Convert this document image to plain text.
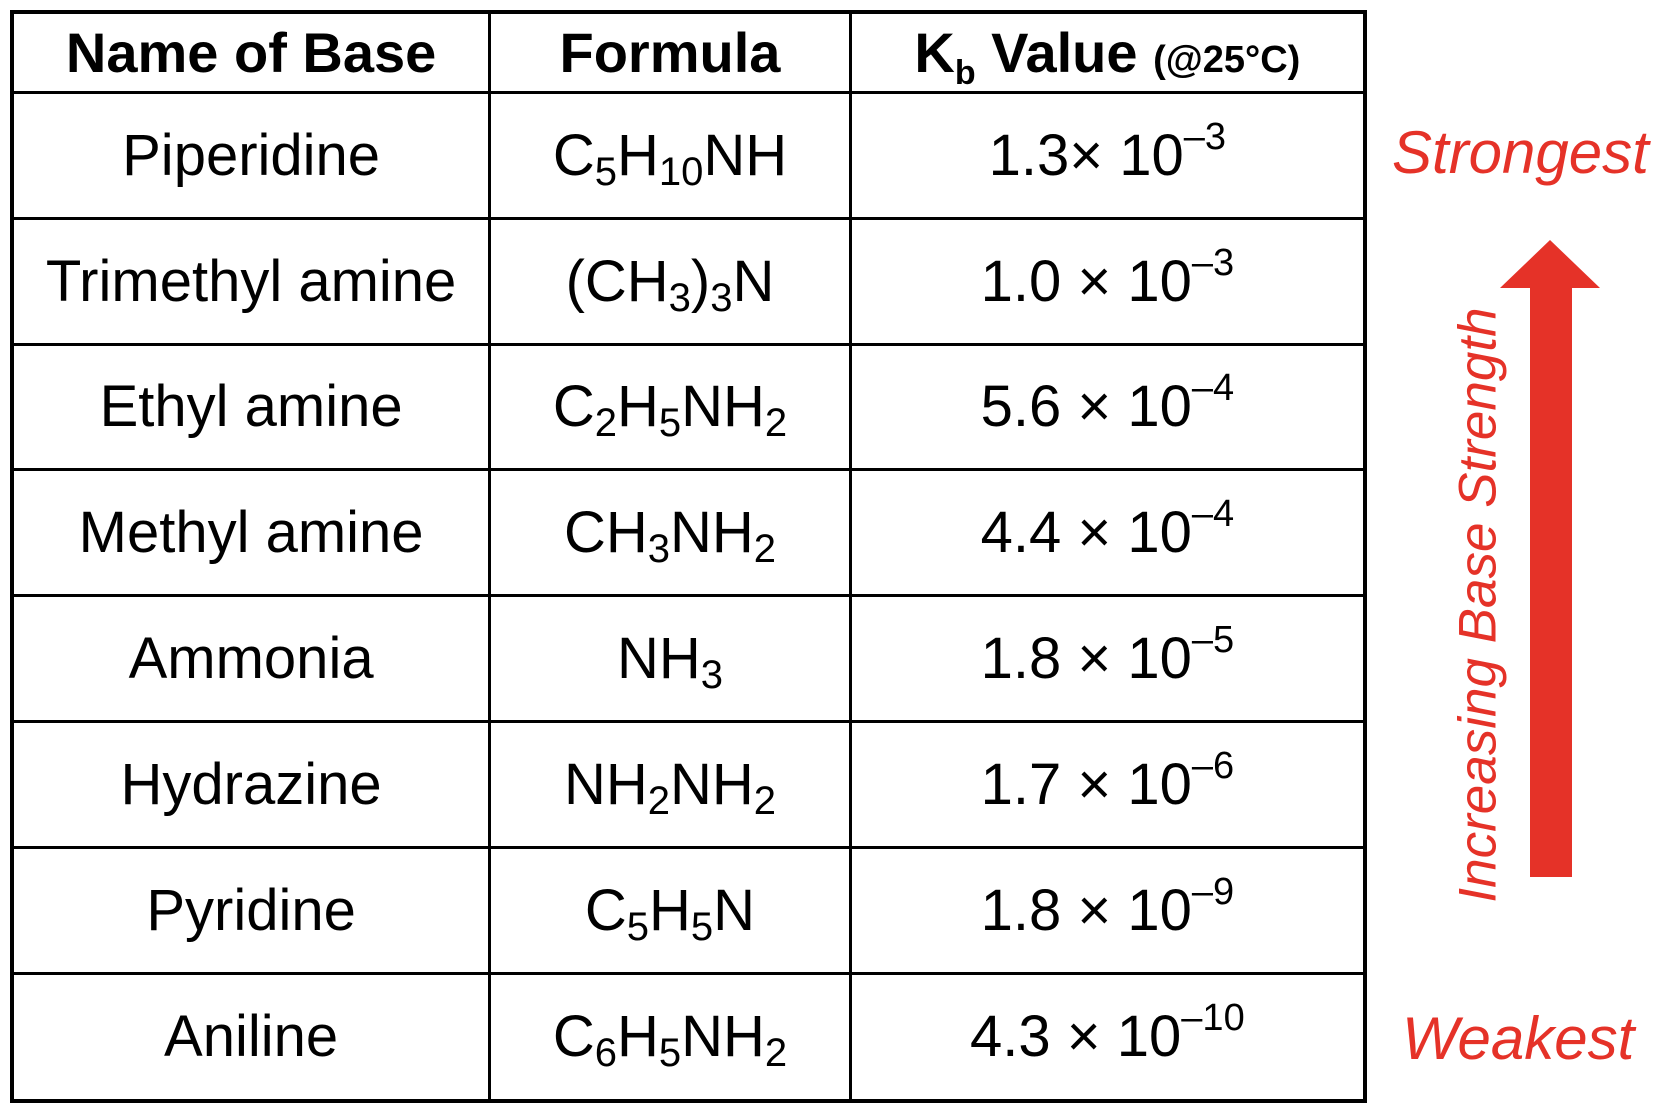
Name of Base	Formula	$K_b$ Value (@25°C)
Piperidine	C5H10NH	$1.3\times 10^{-3}$
Trimethyl amine	(CH3)3N	$1.0 \times 10^{-3}$
Ethyl amine	C2H5NH2	$5.6 \times 10^{-4}$
Methyl amine	CH3NH2	$4.4 \times 10^{-4}$
Ammonia	NH3	$1.8 \times 10^{-5}$
Hydrazine	NH2NH2	$1.7 \times 10^{-6}$
Pyridine	C5H5N	$1.8 \times 10^{-9}$
Aniline	C6H5NH2	$4.3 \times 10^{-10}$
Strongest
Weakest
Increasing Base Strength
